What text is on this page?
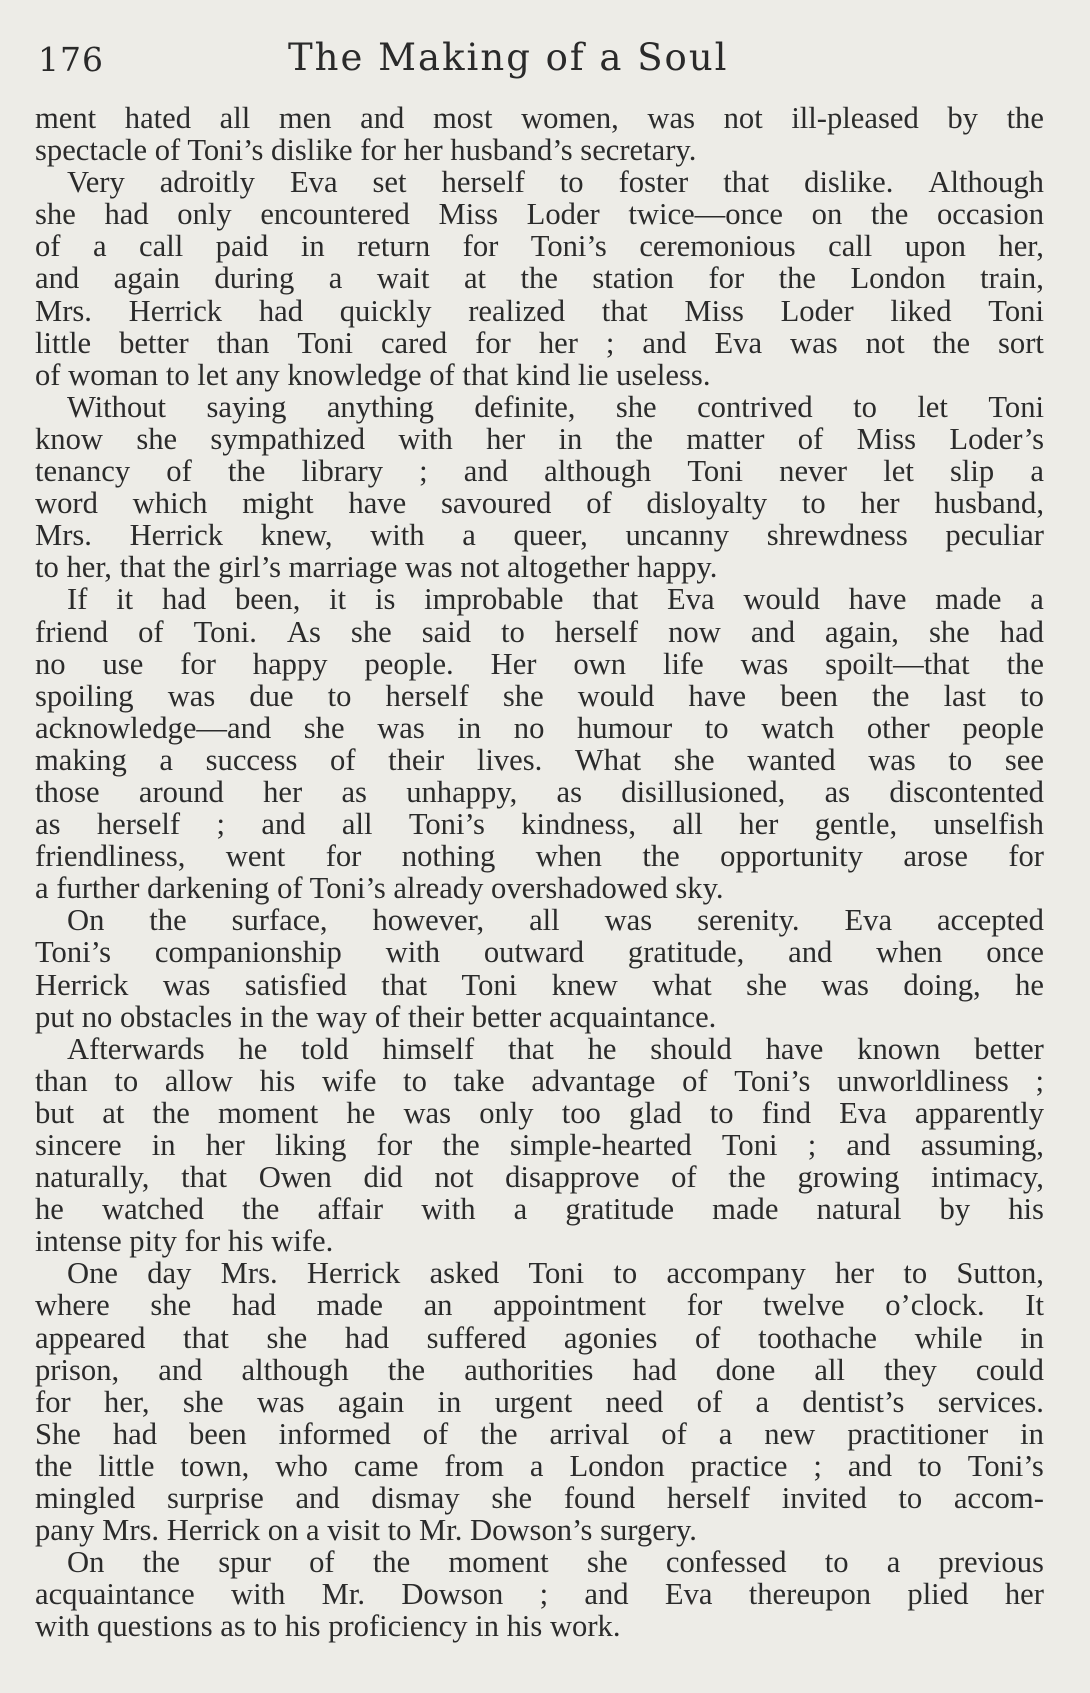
176	The Making of a Soul
ment hated all men and most women, was not ill-pleased by the
spectacle of Toni’s dislike for her husband’s secretary.
Very adroitly Eva set herself to foster that dislike. Although
she had only encountered Miss Loder twice—once on the occasion
of a call paid in return for Toni’s ceremonious call upon her,
and again during a wait at the station for the London train,
Mrs. Herrick had quickly realized that Miss Loder liked Toni
little better than Toni cared for her ; and Eva was not the sort
of woman to let any knowledge of that kind lie useless.
Without saying anything definite, she contrived to let Toni
know she sympathized with her in the matter of Miss Loder’s
tenancy of the library ; and although Toni never let slip a
word which might have savoured of disloyalty to her husband,
Mrs. Herrick knew, with a queer, uncanny shrewdness peculiar
to her, that the girl’s marriage was not altogether happy.
If it had been, it is improbable that Eva would have made a
friend of Toni. As she said to herself now and again, she had
no use for happy people. Her own life was spoilt—that the
spoiling was due to herself she would have been the last to
acknowledge—and she was in no humour to watch other people
making a success of their lives. What she wanted was to see
those around her as unhappy, as disillusioned, as discontented
as herself ; and all Toni’s kindness, all her gentle, unselfish
friendliness, went for nothing when the opportunity arose for
a further darkening of Toni’s already overshadowed sky.
On the surface, however, all was serenity. Eva accepted
Toni’s companionship with outward gratitude, and when once
Herrick was satisfied that Toni knew what she was doing, he
put no obstacles in the way of their better acquaintance.
Afterwards he told himself that he should have known better
than to allow his wife to take advantage of Toni’s unworldliness ;
but at the moment he was only too glad to find Eva apparently
sincere in her liking for the simple-hearted Toni ; and assuming,
naturally, that Owen did not disapprove of the growing intimacy,
he watched the affair with a gratitude made natural by his
intense pity for his wife.
One day Mrs. Herrick asked Toni to accompany her to Sutton,
where she had made an appointment for twelve o’clock. It
appeared that she had suffered agonies of toothache while in
prison, and although the authorities had done all they could
for her, she was again in urgent need of a dentist’s services.
She had been informed of the arrival of a new practitioner in
the little town, who came from a London practice ; and to Toni’s
mingled surprise and dismay she found herself invited to accom-
pany Mrs. Herrick on a visit to Mr. Dowson’s surgery.
On the spur of the moment she confessed to a previous
acquaintance with Mr. Dowson ; and Eva thereupon plied her
with questions as to his proficiency in his work.
